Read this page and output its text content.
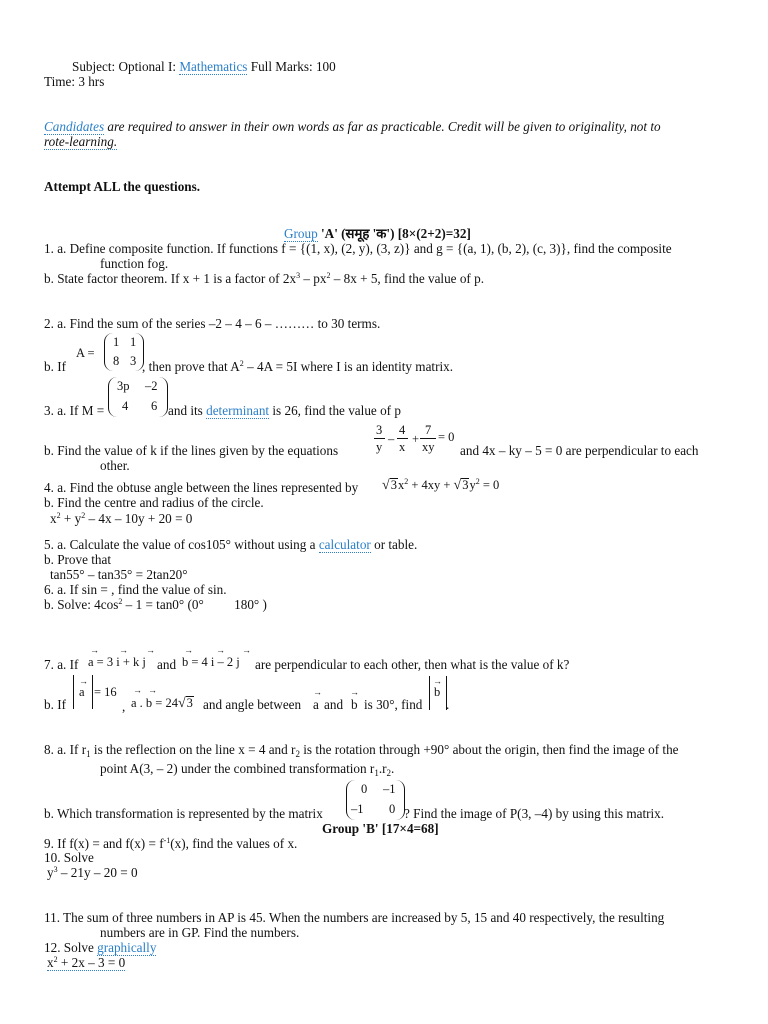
Subject: Optional I: Mathematics Full Marks: 100
Time: 3 hrs
Candidates are required to answer in their own words as far as practicable. Credit will be given to originality, not to
rote-learning.
Attempt ALL the questions.
Group 'A' (समूह 'क') [8×(2+2)=32]
1. a. Define composite function. If functions f = {(1, x), (2, y), (3, z)} and g = {(a, 1), (b, 2), (c, 3)}, find the composite
function fog.
b. State factor theorem. If x + 1 is a factor of $2x^3 - px^2 - 8x + 5$, find the value of p.
2. a. Find the sum of the series –2 – 4 – 6 – ……… to 30 terms.
A =
1 1
8 3
b. If	, then prove that $A^2 - 4A = 5I$ where I is an identity matrix.
3. a. If M =
3p –2
4 6 and its determinant is 26, find the value of p
b. Find the value of k if the lines given by the equations
3
y
–
4
x
+
7
xy
= 0
and 4x – ky – 5 = 0 are perpendicular to each
other.
4. a. Find the obtuse angle between the lines represented by $√3x^2 + 4xy + √3y^2 = 0$
b. Find the centre and radius of the circle.
$x^2 + y^2 - 4x - 10y + 20 = 0$
5. a. Calculate the value of cos105° without using a calculator or table.
b. Prove that
tan55° – tan35° = 2tan20°
6. a. If sin = , find the value of sin.
b. Solve: $4\cos^2 - 1 = \tan 0^\circ$ (0°     180° )
7. a. If
→ → →
a = 3 i + k j and
→	→ →
b = 4 i – 2 j are perpendicular to each other, then what is the value of k?
b. If
→
a = 16
,
→ →
a . b = 24√3 and angle between
→
a and
→
b is 30°, find
→
b
.
8. a. If $r_1$ is the reflection on the line x = 4 and $r_2$ is the rotation through +90° about the origin, then find the image of the
point A(3, – 2) under the combined transformation $r_1.r_2$.
b. Which transformation is represented by the matrix
0 –1
–1 0 ? Find the image of P(3, –4) by using this matrix.
Group 'B' [17×4=68]
9. If f(x) = and $f(x) = f^{-1}(x)$, find the values of x.
10. Solve
$y^3 - 21y - 20 = 0$
11. The sum of three numbers in AP is 45. When the numbers are increased by 5, 15 and 40 respectively, the resulting
numbers are in GP. Find the numbers.
12. Solve graphically
$x^2 + 2x - 3 = 0$
